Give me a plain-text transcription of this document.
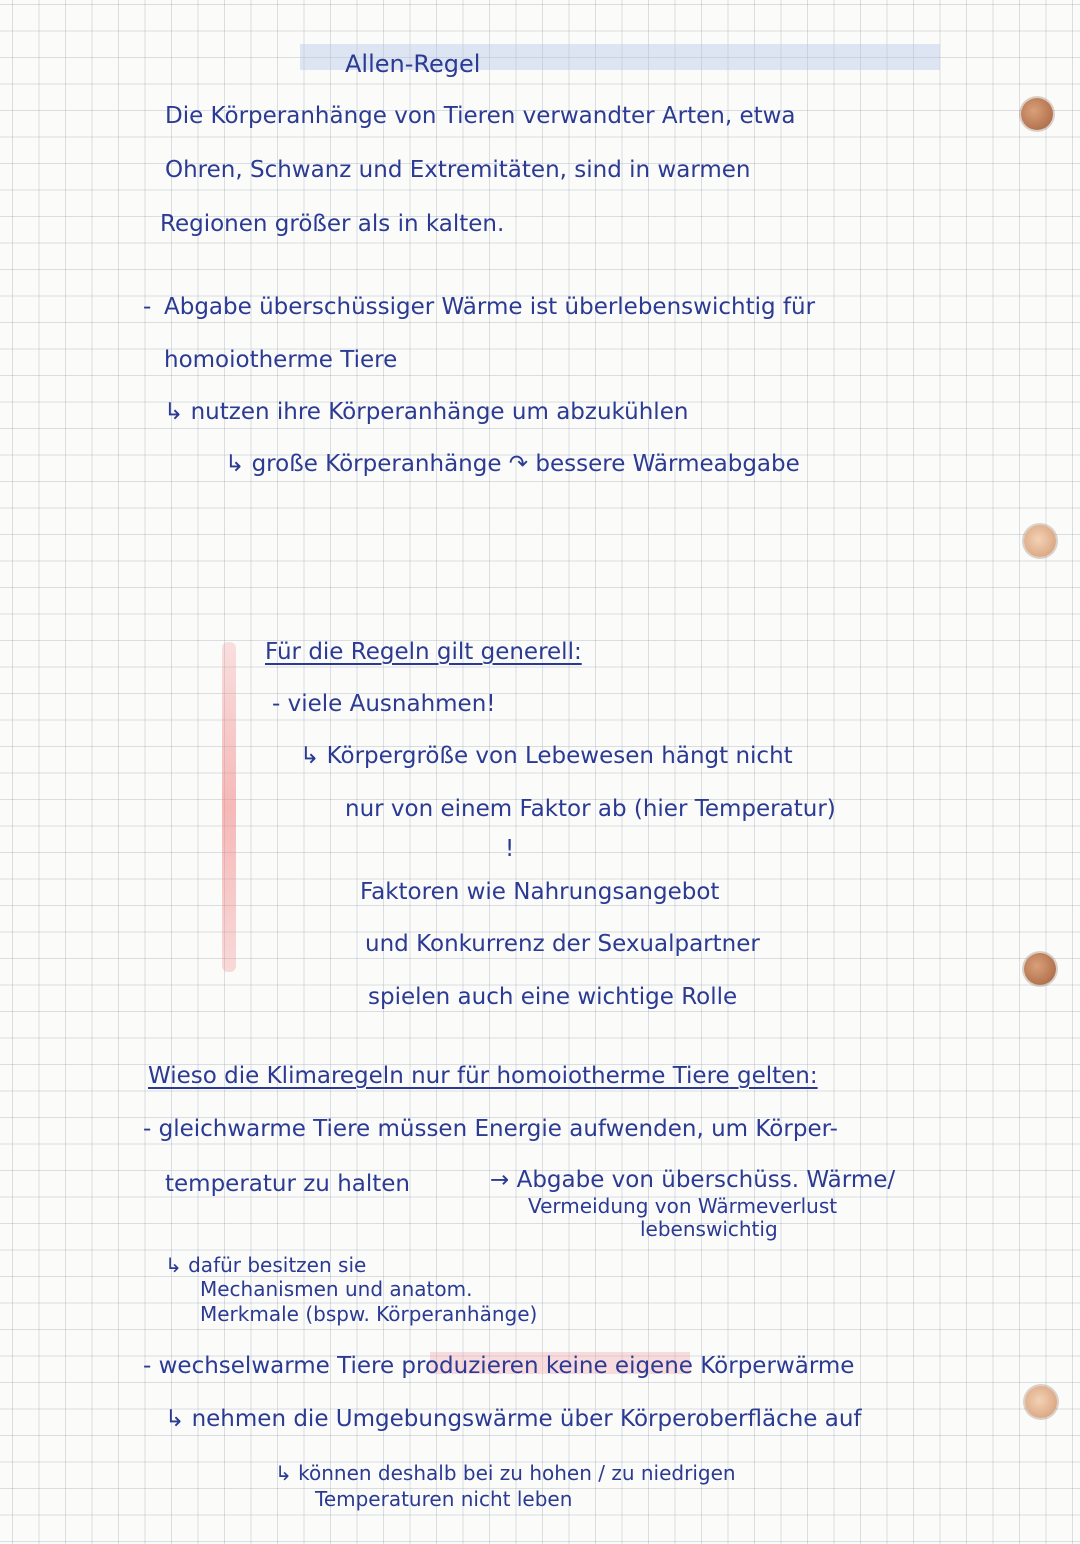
Allen-Regel
Die Körperanhänge von Tieren verwandter Arten, etwa
Ohren, Schwanz und Extremitäten, sind in warmen
Regionen größer als in kalten.
- Abgabe überschüssiger Wärme ist überlebenswichtig für
homoiotherme Tiere
↳ nutzen ihre Körperanhänge um abzukühlen
↳ große Körperanhänge ↷ bessere Wärmeabgabe
Für die Regeln gilt generell:
- viele Ausnahmen!
↳ Körpergröße von Lebewesen hängt nicht
nur von einem Faktor ab (hier Temperatur)
!
Faktoren wie Nahrungsangebot
und Konkurrenz der Sexualpartner
spielen auch eine wichtige Rolle
Wieso die Klimaregeln nur für homoiotherme Tiere gelten:
- gleichwarme Tiere müssen Energie aufwenden, um Körper-
temperatur zu halten	→ Abgabe von überschüss. Wärme/
Vermeidung von Wärmeverlust
lebenswichtig
↳ dafür besitzen sie
Mechanismen und anatom.
Merkmale (bspw. Körperanhänge)
- wechselwarme Tiere produzieren keine eigene Körperwärme
↳ nehmen die Umgebungswärme über Körperoberfläche auf
↳ können deshalb bei zu hohen / zu niedrigen
Temperaturen nicht leben
